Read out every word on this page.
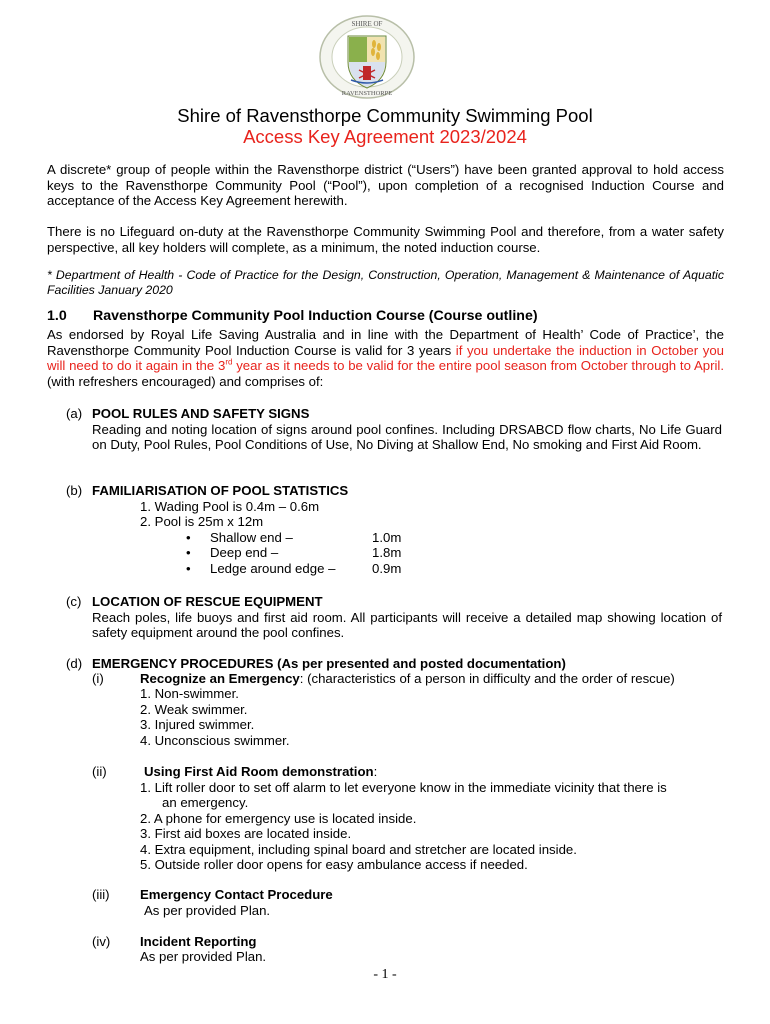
SHIRE OF
RAVENSTHORPE
Shire of Ravensthorpe Community Swimming Pool
Access Key Agreement 2023/2024
A discrete* group of people within the Ravensthorpe district (“Users”) have been granted approval to hold access keys to the Ravensthorpe Community Pool (“Pool”), upon completion of a recognised Induction Course and acceptance of the Access Key Agreement herewith.
There is no Lifeguard on-duty at the Ravensthorpe Community Swimming Pool and therefore, from a water safety perspective, all key holders will complete, as a minimum, the noted induction course.
* Department of Health - Code of Practice for the Design, Construction, Operation, Management & Maintenance of Aquatic Facilities January 2020
1.0 Ravensthorpe Community Pool Induction Course (Course outline)
As endorsed by Royal Life Saving Australia and in line with the Department of Health’ Code of Practice’, the Ravensthorpe Community Pool Induction Course is valid for 3 years if you undertake the induction in October you will need to do it again in the 3rd year as it needs to be valid for the entire pool season from October through to April. (with refreshers encouraged) and comprises of:
(a) POOL RULES AND SAFETY SIGNS
Reading and noting location of signs around pool confines. Including DRSABCD flow charts, No Life Guard on Duty, Pool Rules, Pool Conditions of Use, No Diving at Shallow End, No smoking and First Aid Room.
(b) FAMILIARISATION OF POOL STATISTICS
1. Wading Pool is 0.4m – 0.6m
2. Pool is 25m x 12m
• Shallow end –	1.0m
• Deep end –	1.8m
• Ledge around edge –	0.9m
(c) LOCATION OF RESCUE EQUIPMENT
Reach poles, life buoys and first aid room. All participants will receive a detailed map showing location of safety equipment around the pool confines.
(d) EMERGENCY PROCEDURES (As per presented and posted documentation)
(i)	Recognize an Emergency: (characteristics of a person in difficulty and the order of rescue)
1. Non-swimmer.
2. Weak swimmer.
3. Injured swimmer.
4. Unconscious swimmer.
(ii)	Using First Aid Room demonstration:
1. Lift roller door to set off alarm to let everyone know in the immediate vicinity that there is
an emergency.
2. A phone for emergency use is located inside.
3. First aid boxes are located inside.
4. Extra equipment, including spinal board and stretcher are located inside.
5. Outside roller door opens for easy ambulance access if needed.
(iii) Emergency Contact Procedure
As per provided Plan.
(iv) Incident Reporting
As per provided Plan.
- 1 -
